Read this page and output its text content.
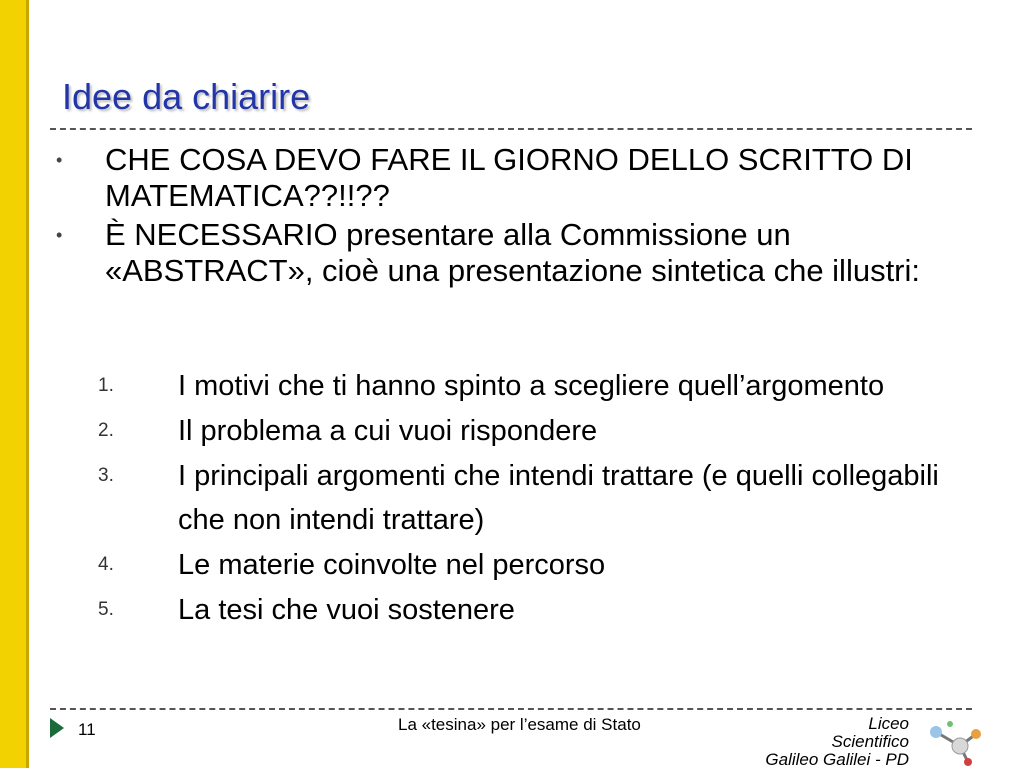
Idee da chiarire
• CHE COSA DEVO FARE IL GIORNO DELLO SCRITTO DI MATEMATICA??!!??
• È NECESSARIO presentare alla Commissione un «ABSTRACT», cioè una presentazione sintetica che illustri:
1. I motivi che ti hanno spinto a scegliere quell’argomento
2. Il problema a cui vuoi rispondere
3. I principali argomenti che intendi trattare (e quelli collegabili che non intendi trattare)
4. Le materie coinvolte nel percorso
5. La tesi che vuoi sostenere
11	La «tesina» per l’esame di Stato	Liceo
Scientifico
Galileo Galilei - PD
